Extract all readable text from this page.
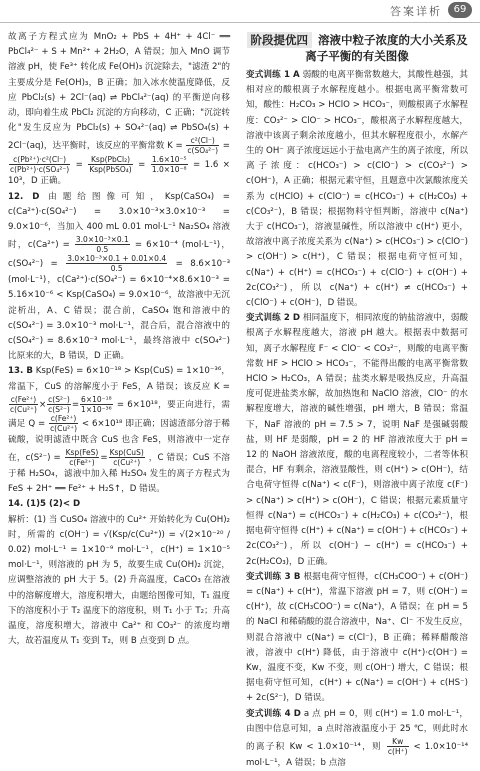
答案详析	69

故离子方程式应为 MnO₂ + PbS + 4H⁺ + 4Cl⁻ ══ PbCl₄²⁻ + S + Mn²⁺ + 2H₂O，A 错误；加入 MnO 调节溶液 pH，使 Fe³⁺ 转化成 Fe(OH)₃ 沉淀除去，"滤渣 2"的主要成分是 Fe(OH)₃，B 正确；加入冰水使温度降低，反应 PbCl₂(s) + 2Cl⁻(aq) ⇌ PbCl₄²⁻(aq) 的平衡逆向移动，即向着生成 PbCl₂ 沉淀的方向移动，C 正确；"沉淀转化"发生反应为 PbCl₂(s) + SO₄²⁻(aq) ⇌ PbSO₄(s) + 2Cl⁻(aq)，达平衡时，该反应的平衡常数 $K = \frac{\text{c²(Cl⁻)}}{\text{c(SO₄²⁻)}}$ =
$\frac{\text{c(Pb²⁺)·c²(Cl⁻)}}{\text{c(Pb²⁺)·c(SO₄²⁻)}} = \frac{\text{Ksp(PbCl₂)}}{\text{Ksp(PbSO₄)}} = \frac{\text{1.6×10⁻⁵}}{\text{1.0×10⁻⁸}} = 1.6 \times 10^3$，D 正确。

12. D 由题给图像可知，Ksp(CaSO₄) = c(Ca²⁺)·c(SO₄²⁻) = 3.0×10⁻³×3.0×10⁻³ = 9.0×10⁻⁶，当加入 400 mL 0.01 mol·L⁻¹ Na₂SO₄ 溶液时，$c(Ca^{2+}) = \frac{\text{3.0×10⁻³×0.1}}{0.5} = 6\times 10^{-4}$ (mol·L⁻¹)，$c(SO_4^{2-}) = \frac{\text{3.0×10⁻³×0.1 + 0.01×0.4}}{0.5} = 8.6\times 10^{-3}$ (mol·L⁻¹)，c(Ca²⁺)·c(SO₄²⁻) = 6×10⁻⁴×8.6×10⁻³ = 5.16×10⁻⁶ < Ksp(CaSO₄) = 9.0×10⁻⁶，故溶液中无沉淀析出，A、C 错误；混合前，CaSO₄ 饱和溶液中的 c(SO₄²⁻) = 3.0×10⁻³ mol·L⁻¹，混合后，混合溶液中的 c(SO₄²⁻) = 8.6×10⁻³ mol·L⁻¹，最终溶液中 c(SO₄²⁻) 比原来的大，B 错误，D 正确。

13. B Ksp(FeS) = 6×10⁻¹⁸ > Ksp(CuS) = 1×10⁻³⁶，常温下，CuS 的溶解度小于 FeS，A 错误；该反应 K =
$\frac{\text{c(Fe²⁺)}}{\text{c(Cu²⁺)}} \times \frac{\text{c(S²⁻)}}{\text{c(S²⁻)}} = \frac{\text{6×10⁻¹⁸}}{\text{1×10⁻³⁶}} = 6\times 10^{18}$，要正向进行，需满足 $Q = \frac{\text{c(Fe²⁺)}}{\text{c(Cu²⁺)}} < 6\times 10^{18}$ 即正确；因滤渣部分溶于稀硫酸，说明滤渣中既含 CuS 也含 FeS，则溶液中一定存在，$c(S^{2-}) = \frac{\text{Ksp(FeS)}}{\text{c(Fe²⁺)}} = \frac{\text{Ksp(CuS)}}{\text{c(Cu²⁺)}}$ ，C 错误；CuS 不溶于稀 H₂SO₄，滤液中加入稀 H₂SO₄ 发生的离子方程式为 FeS + 2H⁺ ══ Fe²⁺ + H₂S↑，D 错误。

14. (1)5 (2)< D

解析：(1) 当 CuSO₄ 溶液中的 Cu²⁺ 开始转化为 Cu(OH)₂ 时，所需的 c(OH⁻) = √(Ksp/c(Cu²⁺)) = √(2×10⁻²⁰ / 0.02) mol·L⁻¹ = 1×10⁻⁹ mol·L⁻¹，c(H⁺) = 1×10⁻⁵ mol·L⁻¹，则溶液的 pH 为 5，故要生成 Cu(OH)₂ 沉淀，应调整溶液的 pH 大于 5。(2) 升高温度，CaCO₃ 在溶液中的溶解度增大，溶度积增大，由题给图像可知，T₁ 温度下的溶度积小于 T₂ 温度下的溶度积，则 T₁ 小于 T₂；升高温度，溶度积增大，溶液中 Ca²⁺ 和 CO₃²⁻ 的浓度均增大，故若温度从 T₁ 变到 T₂，则 B 点变到 D 点。

阶段提优四 溶液中粒子浓度的大小关系及离子平衡的有关图像

变式训练 1 A 弱酸的电离平衡常数越大，其酸性越强，其相对应的酸根离子水解程度越小。根据电离平衡常数可知，酸性：H₂CO₃ > HClO > HCO₃⁻，则酸根离子水解程度：CO₃²⁻ > ClO⁻ > HCO₃⁻，酸根离子水解程度越大，溶液中该离子剩余浓度越小，但其水解程度很小，水解产生的 OH⁻ 离子浓度远远小于盐电离产生的离子浓度，所以离子浓度：c(HCO₃⁻) > c(ClO⁻) > c(CO₃²⁻) > c(OH⁻)，A 正确；根据元素守恒，且题意中次氯酸浓度关系为 c(HClO) + c(ClO⁻) = c(HCO₃⁻) + c(H₂CO₃) + c(CO₃²⁻)，B 错误；根据物料守恒判断，溶液中 c(Na⁺) 大于 c(HCO₃⁻)，溶液显碱性，所以溶液中 c(H⁺) 更小，故溶液中离子浓度关系为 c(Na⁺) > c(HCO₃⁻) > c(ClO⁻) > c(OH⁻) > c(H⁺)，C 错误；根据电荷守恒可知，c(Na⁺) + c(H⁺) = c(HCO₃⁻) + c(ClO⁻) + c(OH⁻) + 2c(CO₃²⁻)，所以 c(Na⁺) + c(H⁺) ≠ c(HCO₃⁻) + c(ClO⁻) + c(OH⁻)，D 错误。

变式训练 2 D 相同温度下，相同浓度的钠盐溶液中，弱酸根离子水解程度越大，溶液 pH 越大。根据表中数据可知，离子水解程度 F⁻ < ClO⁻ < CO₃²⁻，则酸的电离平衡常数 HF > HClO > HCO₃⁻，不能得出酸的电离平衡常数 HClO > H₂CO₃，A 错误；盐类水解是吸热反应，升高温度可促进盐类水解，故加热饱和 NaClO 溶液，ClO⁻ 的水解程度增大，溶液的碱性增强，pH 增大，B 错误；常温下，NaF 溶液的 pH = 7.5 > 7，说明 NaF 是强碱弱酸盐，则 HF 是弱酸，pH = 2 的 HF 溶液浓度大于 pH = 12 的 NaOH 溶液浓度，酸的电离程度较小，二者等体积混合，HF 有剩余，溶液显酸性，则 c(H⁺) > c(OH⁻)，结合电荷守恒得 c(Na⁺) < c(F⁻)，则溶液中离子浓度 c(F⁻) > c(Na⁺) > c(H⁺) > c(OH⁻)，C 错误；根据元素质量守恒得 c(Na⁺) = c(HCO₃⁻) + c(H₂CO₃) + c(CO₃²⁻)，根据电荷守恒得 c(H⁺) + c(Na⁺) = c(OH⁻) + c(HCO₃⁻) + 2c(CO₃²⁻)，所以 c(OH⁻) − c(H⁺) = c(HCO₃⁻) + 2c(H₂CO₃)，D 正确。

变式训练 3 B 根据电荷守恒得，c(CH₃COO⁻) + c(OH⁻) = c(Na⁺) + c(H⁺)，常温下溶液 pH = 7，则 c(OH⁻) = c(H⁺)，故 c(CH₃COO⁻) = c(Na⁺)，A 错误；在 pH = 5 的 NaCl 和稀硝酸的混合溶液中，Na⁺、Cl⁻ 不发生反应，则混合溶液中 c(Na⁺) = c(Cl⁻)，B 正确；稀释醋酸溶液，溶液中 c(H⁺) 降低，由于溶液中 c(H⁺)·c(OH⁻) = Kw，温度不变，Kw 不变，则 c(OH⁻) 增大，C 错误；根据电荷守恒可知，c(H⁺) + c(Na⁺) = c(OH⁻) + c(HS⁻) + 2c(S²⁻)，D 错误。

变式训练 4 D a 点 pH = 0，则 c(H⁺) = 1.0 mol·L⁻¹，由图中信息可知，a 点时溶液温度小于 25 ℃，则此时水的离子积 Kw < 1.0×10⁻¹⁴，则 $\frac{Kw}{c(H^+)} < 1.0\times 10^{-14}$ mol·L⁻¹，A 错误；b 点溶
